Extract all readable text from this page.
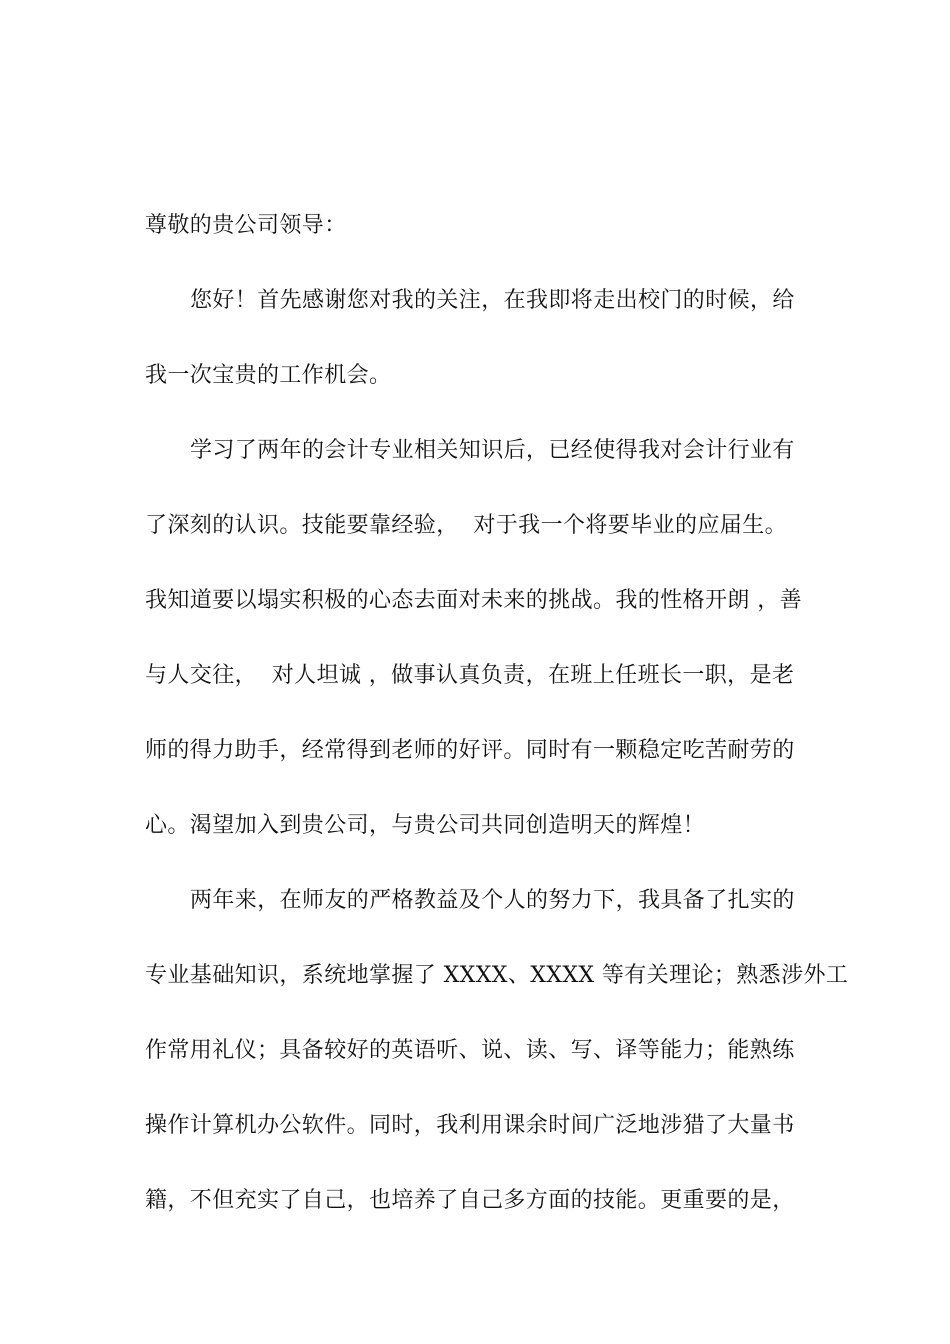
尊敬的贵公司领导：
您好！首先感谢您对我的关注，在我即将走出校门的时候，给
我一次宝贵的工作机会。
学习了两年的会计专业相关知识后，已经使得我对会计行业有
了深刻的认识。技能要靠经验，  对于我一个将要毕业的应届生。
我知道要以塌实积极的心态去面对未来的挑战。我的性格开朗 ，善
与人交往，  对人坦诚 ，做事认真负责，在班上任班长一职，是老
师的得力助手，经常得到老师的好评。同时有一颗稳定吃苦耐劳的
心。渴望加入到贵公司，与贵公司共同创造明天的辉煌！
两年来，在师友的严格教益及个人的努力下，我具备了扎实的
专业基础知识，系统地掌握了 XXXX、XXXX 等有关理论；熟悉涉外工
作常用礼仪；具备较好的英语听、说、读、写、译等能力；能熟练
操作计算机办公软件。同时，我利用课余时间广泛地涉猎了大量书
籍，不但充实了自己，也培养了自己多方面的技能。更重要的是，
